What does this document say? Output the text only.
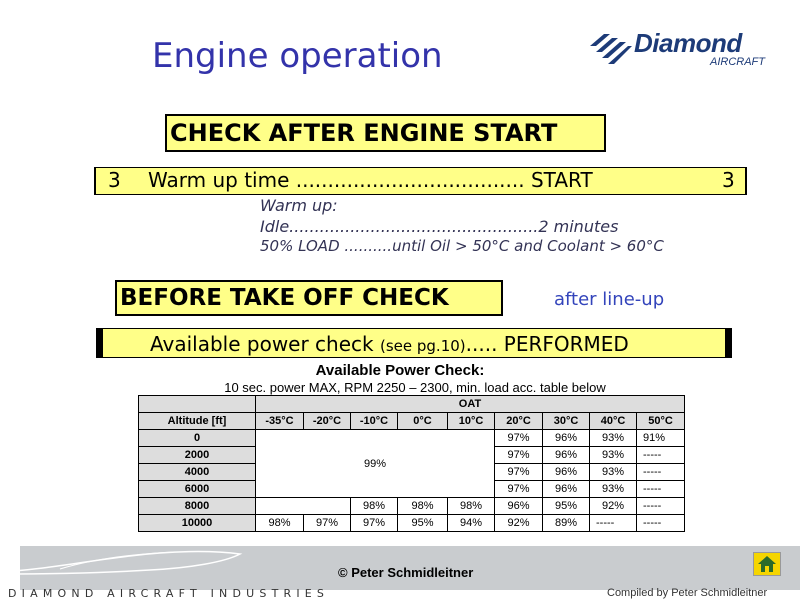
Engine operation	Diamond
AIRCRAFT
CHECK AFTER ENGINE START
3 Warm up time .................................... START	3
Warm up:
Idle.................................................2 minutes
50% LOAD ..........until Oil > 50°C and Coolant > 60°C
BEFORE TAKE OFF CHECK	after line-up
Available power check (see pg.10)..... PERFORMED
Available Power Check:
10 sec. power MAX, RPM 2250 – 2300, min. load acc. table below
	OAT								
Altitude [ft]	-35°C	-20°C	-10°C	0°C	10°C	20°C	30°C	40°C	50°C
0	99%					97%	96%	93%	91%
2000						97%	96%	93%	-----
4000						97%	96%	93%	-----
6000						97%	96%	93%	-----
8000			98%	98%	98%	96%	95%	92%	-----
10000	98%	97%	97%	95%	94%	92%	89%	-----	-----
DIAMOND AIRCRAFT INDUSTRIES
© Peter Schmidleitner
Compiled by Peter Schmidleitner
